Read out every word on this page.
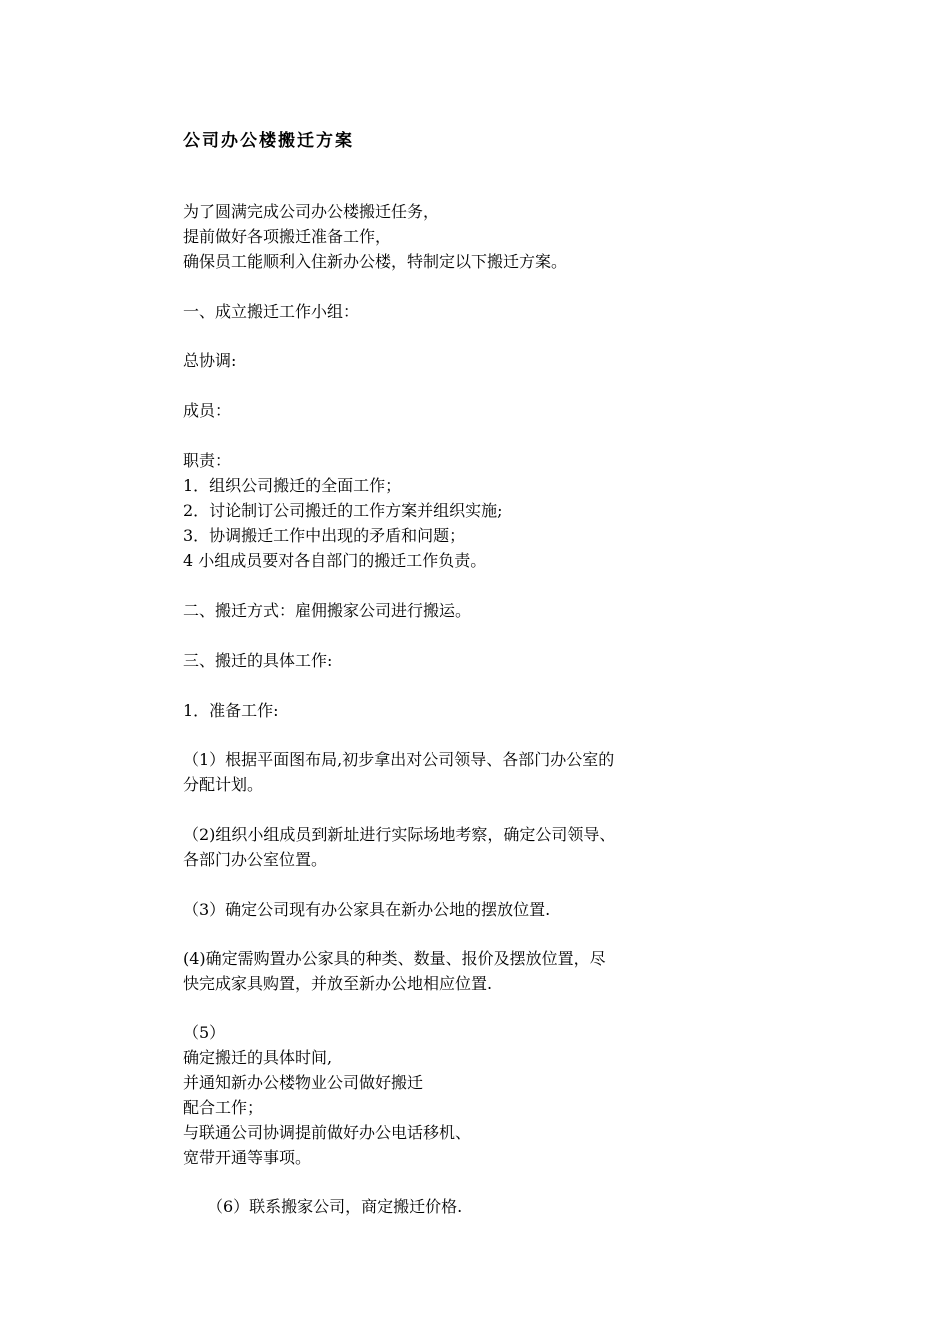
公司办公楼搬迁方案
为了圆满完成公司办公楼搬迁任务，
提前做好各项搬迁准备工作，
确保员工能顺利入住新办公楼，特制定以下搬迁方案。
一、成立搬迁工作小组：
总协调:
成员：
职责：
1．组织公司搬迁的全面工作；
2．讨论制订公司搬迁的工作方案并组织实施;
3．协调搬迁工作中出现的矛盾和问题；
4 小组成员要对各自部门的搬迁工作负责。
二、搬迁方式：雇佣搬家公司进行搬运。
三、搬迁的具体工作:
1．准备工作:
（1）根据平面图布局,初步拿出对公司领导、各部门办公室的
分配计划。
（2)组织小组成员到新址进行实际场地考察，确定公司领导、
各部门办公室位置。
（3）确定公司现有办公家具在新办公地的摆放位置.
(4)确定需购置办公家具的种类、数量、报价及摆放位置，尽
快完成家具购置，并放至新办公地相应位置.
（5）
确定搬迁的具体时间,
并通知新办公楼物业公司做好搬迁
配合工作；
与联通公司协调提前做好办公电话移机、
宽带开通等事项。
（6）联系搬家公司，商定搬迁价格.
